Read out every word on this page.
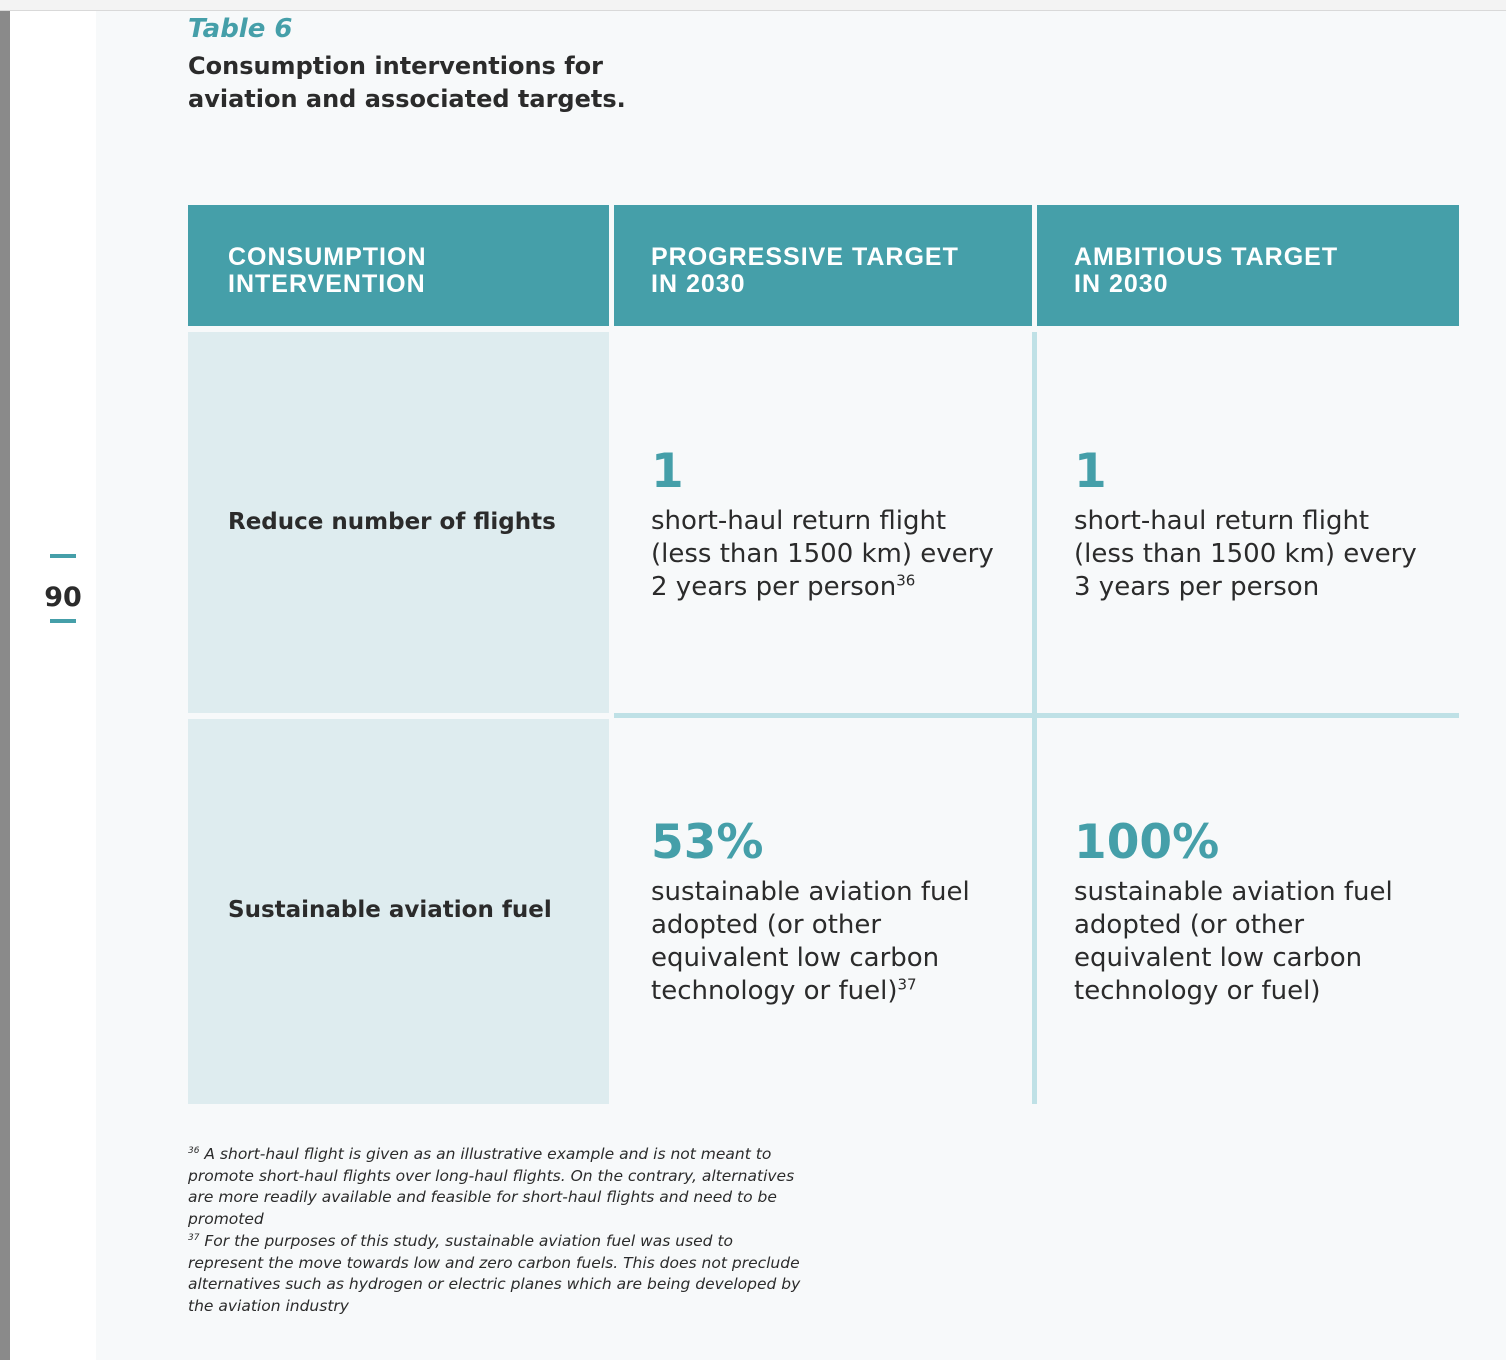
90
Table 6
Consumption interventions for aviation and associated targets.
CONSUMPTION
INTERVENTION
PROGRESSIVE TARGET
IN 2030
AMBITIOUS TARGET
IN 2030
Reduce number of flights
Sustainable aviation fuel
1
short-haul return flight (less than 1500 km) every 2 years per person$^{36}$
1
short-haul return flight (less than 1500 km) every 3 years per person
53%
sustainable aviation fuel adopted (or other equivalent low carbon technology or fuel)$^{37}$
100%
sustainable aviation fuel adopted (or other equivalent low carbon technology or fuel)

$^{36}$ A short-haul flight is given as an illustrative example and is not meant to promote short-haul flights over long-haul flights. On the contrary, alternatives are more readily available and feasible for short-haul flights and need to be promoted

$^{37}$ For the purposes of this study, sustainable aviation fuel was used to represent the move towards low and zero carbon fuels. This does not preclude alternatives such as hydrogen or electric planes which are being developed by the aviation industry
